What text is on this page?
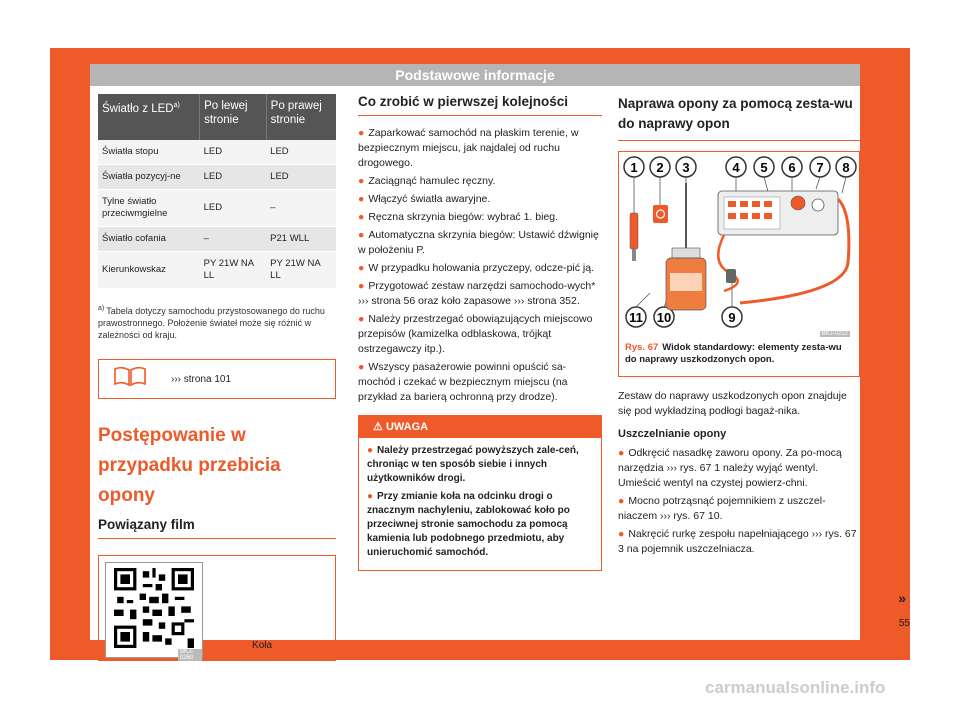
Podstawowe informacje
Światło z LED$^{a)}$	Po lewej stronie	Po prawej stronie
Światła stopu	LED	LED
Światła pozycyj-ne	LED	LED
Tylne światło przeciwmgielne	LED	–
Światło cofania	–	P21 WLL
Kierunkowskaz	PY 21W NA LL	PY 21W NA LL
$^{a)}$ Tabela dotyczy samochodu przystosowanego do ruchu prawostronnego. Położenie świateł może się różnić w zależności od kraju.
››› strona 101
Postępowanie w przypadku przebicia opony
Powiązany film
BKJ-0260
Rys. 66 Koła
Co zrobić w pierwszej kolejności

● Zaparkować samochód na płaskim terenie, w bezpiecznym miejscu, jak najdalej od ruchu drogowego.

● Zaciągnąć hamulec ręczny.

● Włączyć światła awaryjne.

● Ręczna skrzynia biegów: wybrać 1. bieg.

● Automatyczna skrzynia biegów: Ustawić dźwignię w położeniu P.

● W przypadku holowania przyczepy, odcze-pić ją.

● Przygotować zestaw narzędzi samochodo-wych* ››› strona 56 oraz koło zapasowe ››› strona 352.

● Należy przestrzegać obowiązujących miejscowo przepisów (kamizelka odblaskowa, trójkąt ostrzegawczy itp.).

● Wszyscy pasażerowie powinni opuścić sa-mochód i czekać w bezpiecznym miejscu (na przykład za barierą ochronną przy drodze).

⚠ UWAGA

● Należy przestrzegać powyższych zale-ceń, chroniąc w ten sposób siebie i innych użytkowników drogi.

● Przy zmianie koła na odcinku drogi o znacznym nachyleniu, zablokować koło po przeciwnej stronie samochodu za pomocą kamienia lub podobnego przedmiotu, aby unieruchomić samochód.

Naprawa opony za pomocą zesta-wu do naprawy opon
1 2 3	4 5 6 7 8
9
10
11
BKJ-0212
Rys. 67 Widok standardowy: elementy zesta-wu do naprawy uszkodzonych opon.

Zestaw do naprawy uszkodzonych opon znajduje się pod wykładziną podłogi bagaż-nika.

Uszczelnianie opony

● Odkręcić nasadkę zaworu opony. Za po-mocą narzędzia ››› rys. 67 1 należy wyjąć wentyl. Umieścić wentyl na czystej powierz-chni.

● Mocno potrząsnąć pojemnikiem z uszczel-niaczem ››› rys. 67 10.

● Nakręcić rurkę zespołu napełniającego ››› rys. 67 3 na pojemnik uszczelniacza.

»
55
carmanualsonline.info
